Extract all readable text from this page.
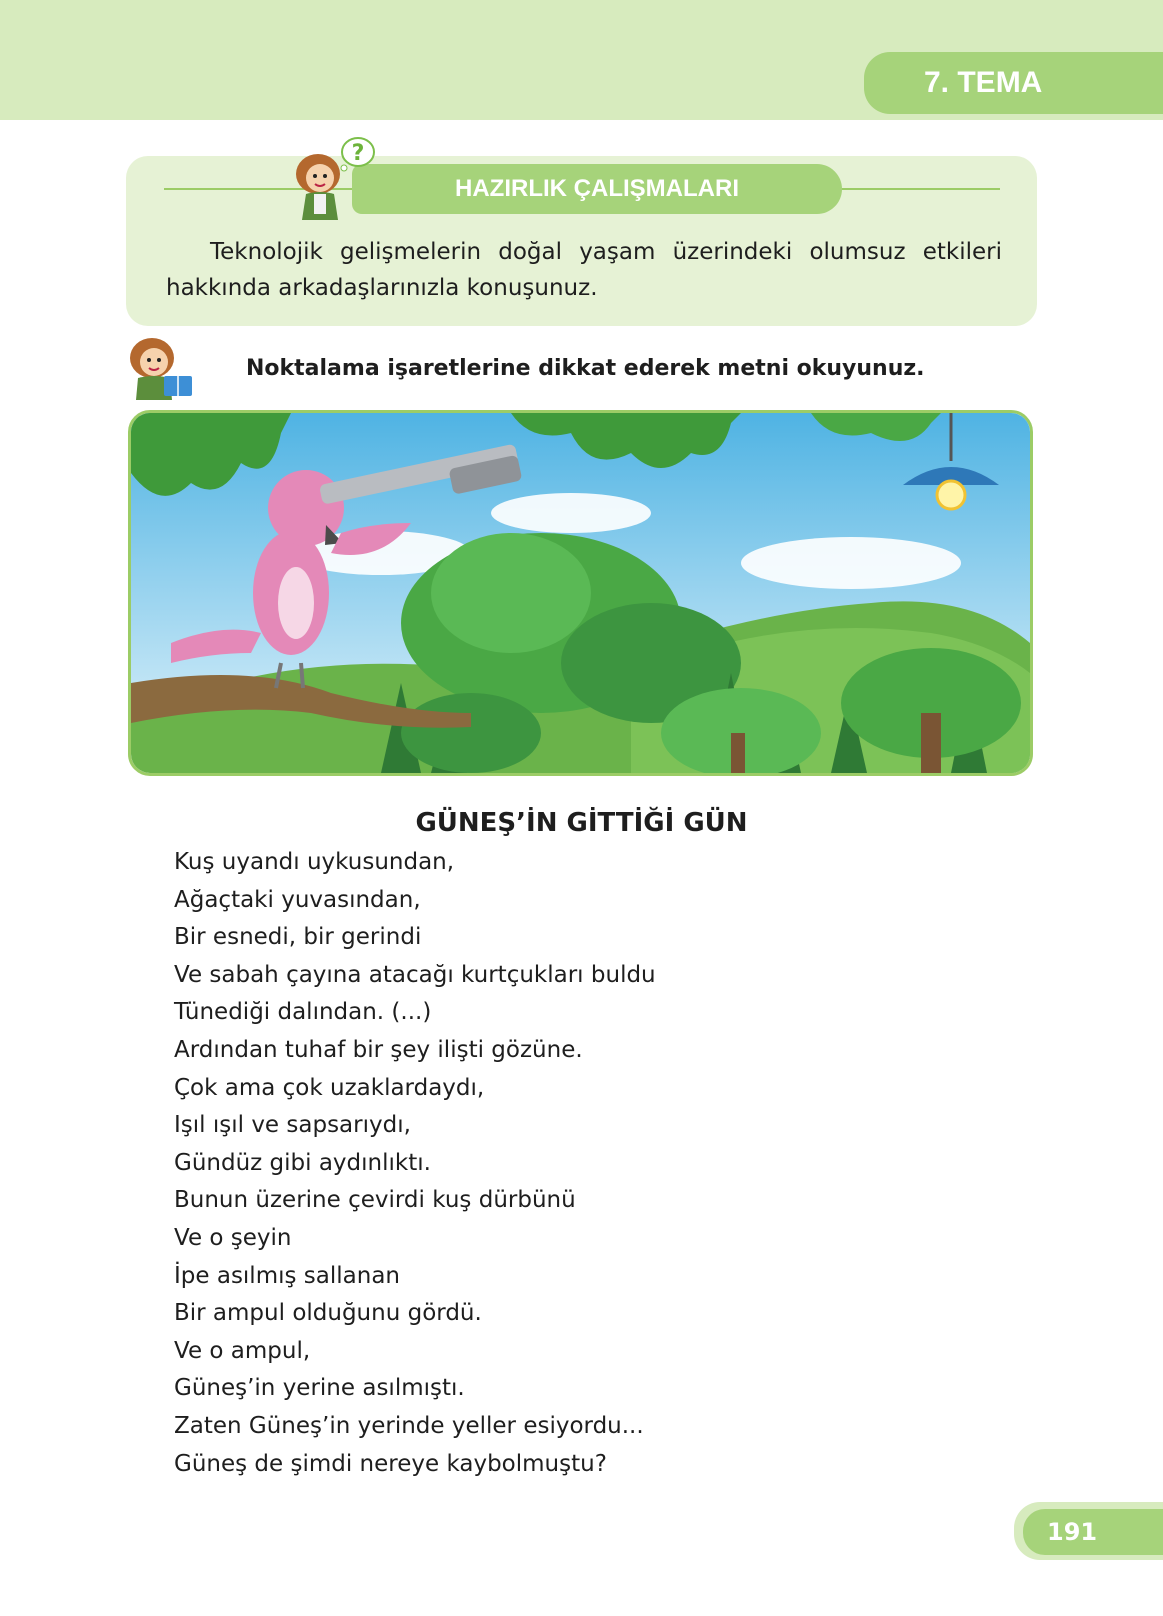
7. TEMA
HAZIRLIK ÇALIŞMALARI
?

Teknolojik gelişmelerin doğal yaşam üzerindeki olumsuz etkileri hakkında arkadaşlarınızla konuşunuz.

Noktalama işaretlerine dikkat ederek metni okuyunuz.

GÜNEŞ’İN GİTTİĞİ GÜN
Kuş uyandı uykusundan,
Ağaçtaki yuvasından,
Bir esnedi, bir gerindi
Ve sabah çayına atacağı kurtçukları buldu
Tünediği dalından. (...)
Ardından tuhaf bir şey ilişti gözüne.
Çok ama çok uzaklardaydı,
Işıl ışıl ve sapsarıydı,
Gündüz gibi aydınlıktı.
Bunun üzerine çevirdi kuş dürbünü
Ve o şeyin
İpe asılmış sallanan
Bir ampul olduğunu gördü.
Ve o ampul,
Güneş’in yerine asılmıştı.
Zaten Güneş’in yerinde yeller esiyordu...
Güneş de şimdi nereye kaybolmuştu?
191
